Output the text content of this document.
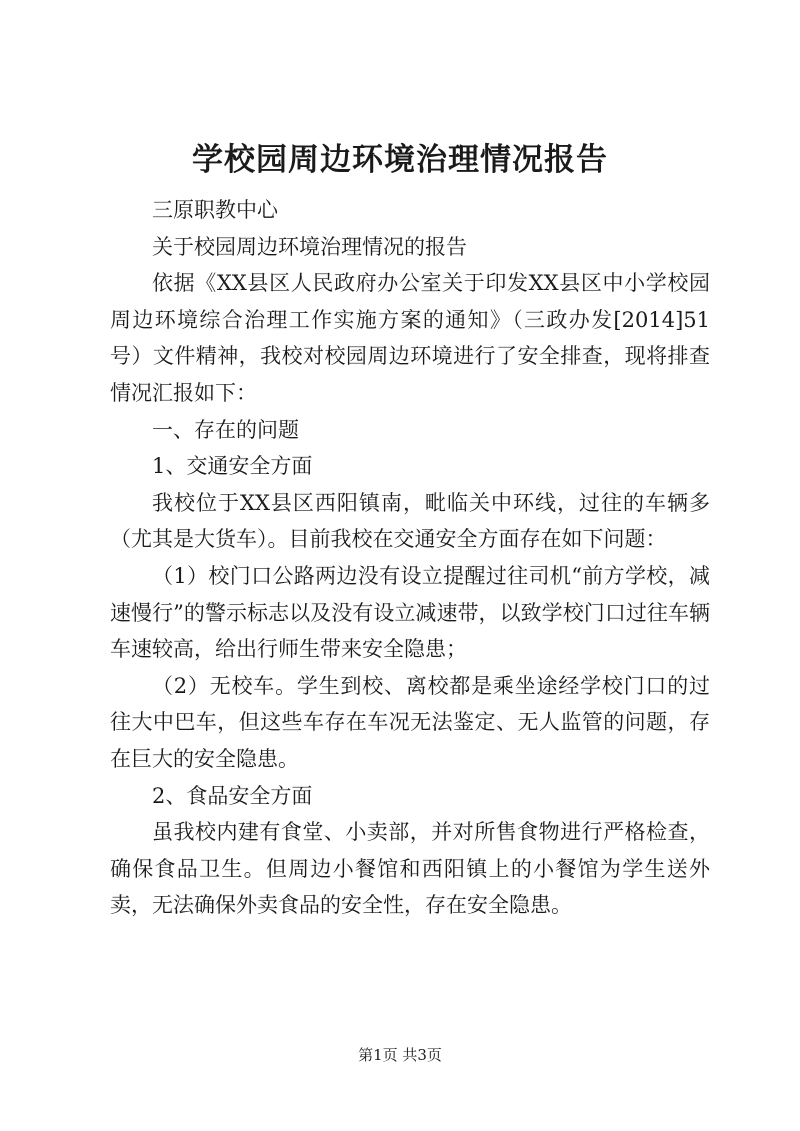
学校园周边环境治理情况报告

三原职教中心

关于校园周边环境治理情况的报告

依据《XX县区人民政府办公室关于印发XX县区中小学校园周边环境综合治理工作实施方案的通知》（三政办发[2014]51号）文件精神，我校对校园周边环境进行了安全排查，现将排查情况汇报如下：

一、存在的问题

1、交通安全方面

我校位于XX县区西阳镇南，毗临关中环线，过往的车辆多（尤其是大货车）。目前我校在交通安全方面存在如下问题：

（1）校门口公路两边没有设立提醒过往司机“前方学校，减速慢行”的警示标志以及没有设立减速带，以致学校门口过往车辆车速较高，给出行师生带来安全隐患；

（2）无校车。学生到校、离校都是乘坐途经学校门口的过往大中巴车，但这些车存在车况无法鉴定、无人监管的问题，存在巨大的安全隐患。

2、食品安全方面

虽我校内建有食堂、小卖部，并对所售食物进行严格检查，确保食品卫生。但周边小餐馆和西阳镇上的小餐馆为学生送外卖，无法确保外卖食品的安全性，存在安全隐患。

第1页 共3页
